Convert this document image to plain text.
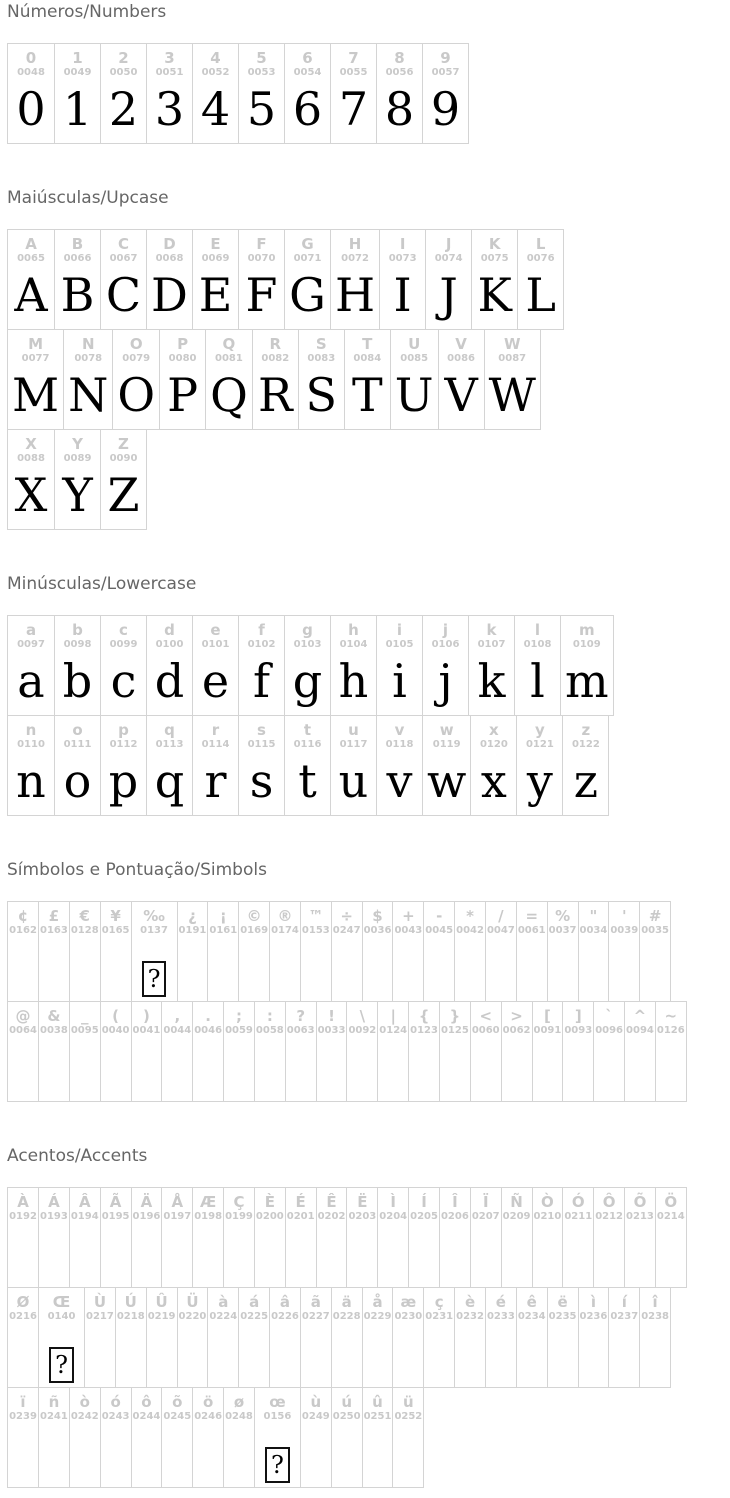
Números/Numbers
0
0048
0
1
0049
1
2
0050
2
3
0051
3
4
0052
4
5
0053
5
6
0054
6
7
0055
7
8
0056
8
9
0057
9
Maiúsculas/Upcase
A
0065
A
B
0066
B
C
0067
C
D
0068
D
E
0069
E
F
0070
F
G
0071
G
H
0072
H
I
0073
I
J
0074
J
K
0075
K
L
0076
L
M
0077
M
N
0078
N
O
0079
O
P
0080
P
Q
0081
Q
R
0082
R
S
0083
S
T
0084
T
U
0085
U
V
0086
V
W
0087
W
X
0088
X
Y
0089
Y
Z
0090
Z
Minúsculas/Lowercase
a
0097
a
b
0098
b
c
0099
c
d
0100
d
e
0101
e
f
0102
f
g
0103
g
h
0104
h
i
0105
i
j
0106
j
k
0107
k
l
0108
l
m
0109
m
n
0110
n
o
0111
o
p
0112
p
q
0113
q
r
0114
r
s
0115
s
t
0116
t
u
0117
u
v
0118
v
w
0119
w
x
0120
x
y
0121
y
z
0122
z
Símbolos e Pontuação/Simbols
¢
0162
£
0163
€
0128
¥
0165
‰
0137
?
¿
0191
¡
0161
©
0169
®
0174
™
0153
÷
0247
$
0036
+
0043
-
0045
*
0042
/
0047
=
0061
%
0037
"
0034
'
0039
#
0035
@
0064
&
0038
_
0095
(
0040
)
0041
,
0044
.
0046
;
0059
:
0058
?
0063
!
0033
\
0092
|
0124
{
0123
}
0125
<
0060
>
0062
[
0091
]
0093
`
0096
^
0094
~
0126
Acentos/Accents
À
0192
Á
0193
Â
0194
Ã
0195
Ä
0196
Å
0197
Æ
0198
Ç
0199
È
0200
É
0201
Ê
0202
Ë
0203
Ì
0204
Í
0205
Î
0206
Ï
0207
Ñ
0209
Ò
0210
Ó
0211
Ô
0212
Õ
0213
Ö
0214
Ø
0216
Œ
0140
?
Ù
0217
Ú
0218
Û
0219
Ü
0220
à
0224
á
0225
â
0226
ã
0227
ä
0228
å
0229
æ
0230
ç
0231
è
0232
é
0233
ê
0234
ë
0235
ì
0236
í
0237
î
0238
ï
0239
ñ
0241
ò
0242
ó
0243
ô
0244
õ
0245
ö
0246
ø
0248
œ
0156
?
ù
0249
ú
0250
û
0251
ü
0252
